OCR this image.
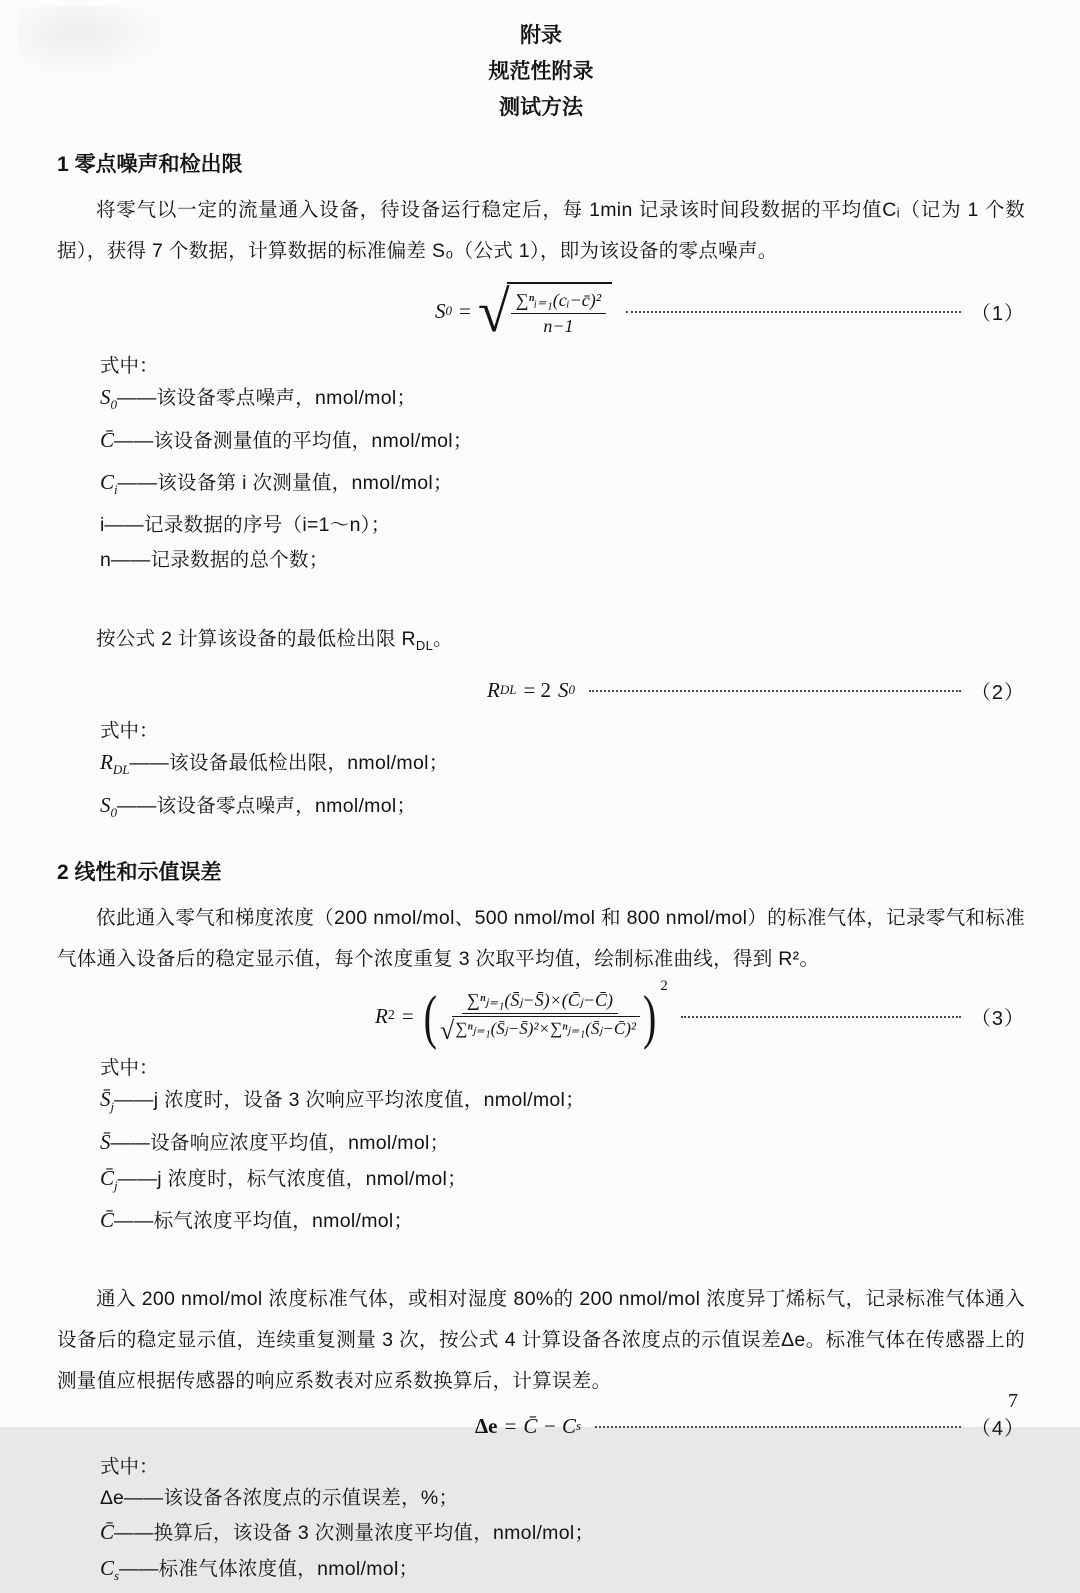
附录
规范性附录
测试方法
1 零点噪声和检出限

将零气以一定的流量通入设备，待设备运行稳定后，每 1min 记录该时间段数据的平均值Cᵢ（记为 1 个数据），获得 7 个数据，计算数据的标准偏差 S₀（公式 1），即为该设备的零点噪声。

S 0 = √ $\frac{\text{∑ⁿᵢ₌₁(cᵢ−c̄)²}}{n-1}$	（1）
式中：
$S_0$ ——该设备零点噪声，nmol/mol；
C̄ ——该设备测量值的平均值，nmol/mol；
$C_i$ ——该设备第 i 次测量值，nmol/mol；
i ——记录数据的序号（i=1～n）；
n ——记录数据的总个数；

按公式 2 计算该设备的最低检出限 $R_{DL}$。

R DL = 2 S 0	（2）
式中：
$R_{DL}$ ——该设备最低检出限，nmol/mol；
$S_0$ ——该设备零点噪声，nmol/mol；
2 线性和示值误差

依此通入零气和梯度浓度（200 nmol/mol、500 nmol/mol 和 800 nmol/mol）的标准气体，记录零气和标准气体通入设备后的稳定显示值，每个浓度重复 3 次取平均值，绘制标准曲线，得到 R²。

R 2 = ( $\frac{\text{∑ⁿⱼ₌₁(S̄ⱼ−S̄)×(C̄ⱼ−C̄)}}{\text{√ ∑ⁿⱼ₌₁(S̄ⱼ−S̄)²×∑ⁿⱼ₌₁(S̄ⱼ−C̄)²}}$ ) 2
（3）
式中：
$S̄_j$ ——j 浓度时，设备 3 次响应平均浓度值，nmol/mol；
S̄ ——设备响应浓度平均值，nmol/mol；
$C̄_j$ ——j 浓度时，标气浓度值，nmol/mol；
C̄ ——标气浓度平均值，nmol/mol；

通入 200 nmol/mol 浓度标准气体，或相对湿度 80%的 200 nmol/mol 浓度异丁烯标气，记录标准气体通入设备后的稳定显示值，连续重复测量 3 次，按公式 4 计算设备各浓度点的示值误差Δe。标准气体在传感器上的测量值应根据传感器的响应系数表对应系数换算后，计算误差。

Δe = C̄ − C s	（4）
式中：
Δe ——该设备各浓度点的示值误差，%；
C̄ ——换算后，该设备 3 次测量浓度平均值，nmol/mol；
$C_s$ ——标准气体浓度值，nmol/mol；
7
